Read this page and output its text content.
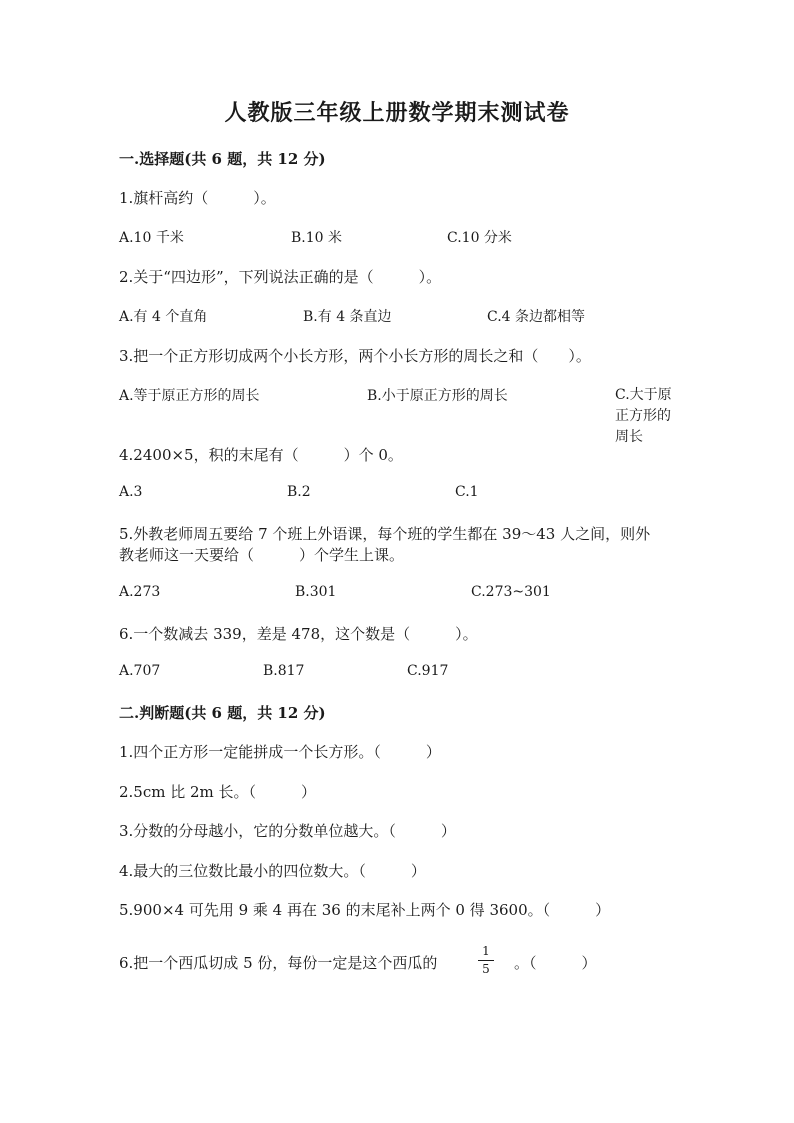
人教版三年级上册数学期末测试卷
一.选择题(共 6 题，共 12 分)
1.旗杆高约（　　　）。
A.10 千米	B.10 米	C.10 分米
2.关于“四边形”，下列说法正确的是（　　　）。
A.有 4 个直角	B.有 4 条直边	C.4 条边都相等
3.把一个正方形切成两个小长方形，两个小长方形的周长之和（　　）。
A.等于原正方形的周长	B.小于原正方形的周长	C.大于原正方形的周长
4.2400×5，积的末尾有（　　　）个 0。
A.3	B.2	C.1
5.外教老师周五要给 7 个班上外语课，每个班的学生都在 39～43 人之间，则外
教老师这一天要给（　　　）个学生上课。
A.273	B.301	C.273~301
6.一个数减去 339，差是 478，这个数是（　　　）。
A.707	B.817	C.917
二.判断题(共 6 题，共 12 分)
1.四个正方形一定能拼成一个长方形。（　　　）
2.5cm 比 2m 长。（　　　）
3.分数的分母越小，它的分数单位越大。（　　　）
4.最大的三位数比最小的四位数大。（　　　）
5.900×4 可先用 9 乘 4 再在 36 的末尾补上两个 0 得 3600。（　　　）
6.把一个西瓜切成 5 份，每份一定是这个西瓜的
1
5 。（　　　）
